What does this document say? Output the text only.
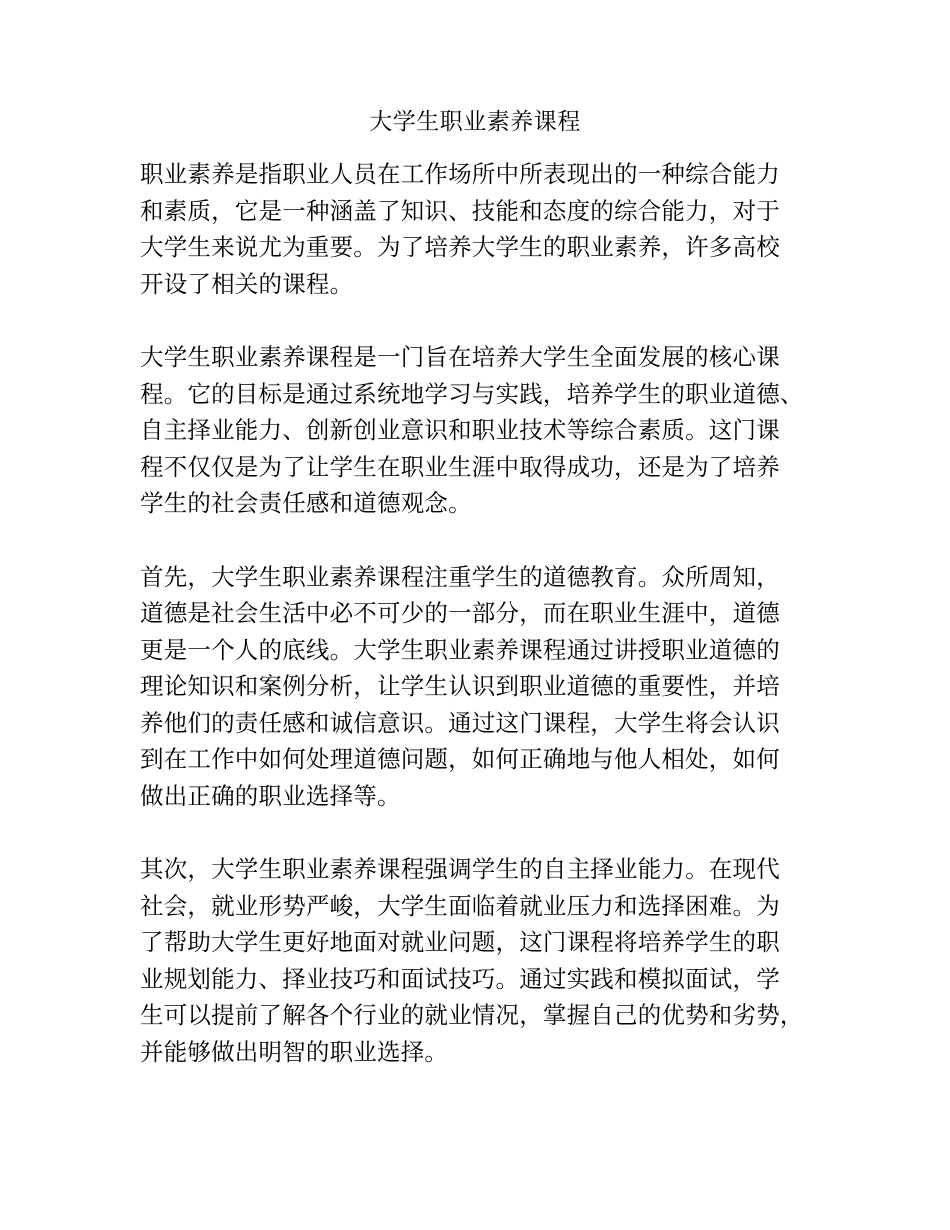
大学生职业素养课程
职业素养是指职业人员在工作场所中所表现出的一种综合能力
和素质，它是一种涵盖了知识、技能和态度的综合能力，对于
大学生来说尤为重要。为了培养大学生的职业素养，许多高校
开设了相关的课程。
大学生职业素养课程是一门旨在培养大学生全面发展的核心课
程。它的目标是通过系统地学习与实践，培养学生的职业道德、
自主择业能力、创新创业意识和职业技术等综合素质。这门课
程不仅仅是为了让学生在职业生涯中取得成功，还是为了培养
学生的社会责任感和道德观念。
首先，大学生职业素养课程注重学生的道德教育。众所周知，
道德是社会生活中必不可少的一部分，而在职业生涯中，道德
更是一个人的底线。大学生职业素养课程通过讲授职业道德的
理论知识和案例分析，让学生认识到职业道德的重要性，并培
养他们的责任感和诚信意识。通过这门课程，大学生将会认识
到在工作中如何处理道德问题，如何正确地与他人相处，如何
做出正确的职业选择等。
其次，大学生职业素养课程强调学生的自主择业能力。在现代
社会，就业形势严峻，大学生面临着就业压力和选择困难。为
了帮助大学生更好地面对就业问题，这门课程将培养学生的职
业规划能力、择业技巧和面试技巧。通过实践和模拟面试，学
生可以提前了解各个行业的就业情况，掌握自己的优势和劣势，
并能够做出明智的职业选择。
